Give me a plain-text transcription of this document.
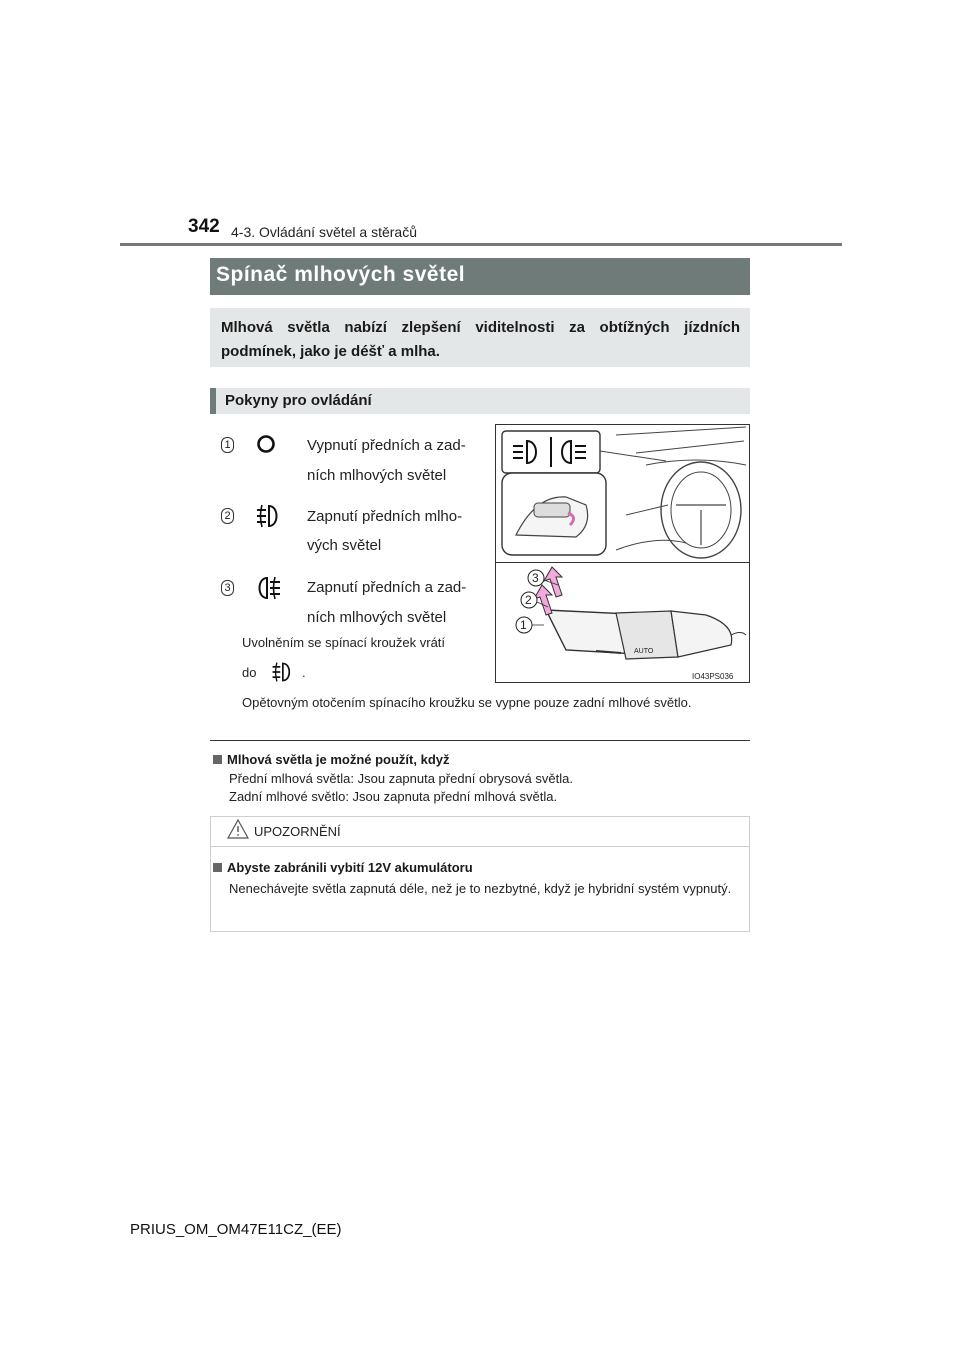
342 4-3. Ovládání světel a stěračů
Spínač mlhových světel
Mlhová světla nabízí zlepšení viditelnosti za obtížných jízdních podmínek, jako je déšť a mlha.
Pokyny pro ovládání
1	Vypnutí předních a zad-
ních mlhových světel
2	Zapnutí předních mlho-
vých světel
3	Zapnutí předních a zad-
ních mlhových světel
Uvolněním se spínací kroužek vrátí
do	.
Opětovným otočením spínacího kroužku se vypne pouze zadní mlhové světlo.
AUTO
3
2
1
IO43PS036
Mlhová světla je možné použít, když
Přední mlhová světla: Jsou zapnuta přední obrysová světla.
Zadní mlhové světlo: Jsou zapnuta přední mlhová světla.
UPOZORNĚNÍ
Abyste zabránili vybití 12V akumulátoru
Nenechávejte světla zapnutá déle, než je to nezbytné, když je hybridní systém vypnutý.
PRIUS_OM_OM47E11CZ_(EE)
